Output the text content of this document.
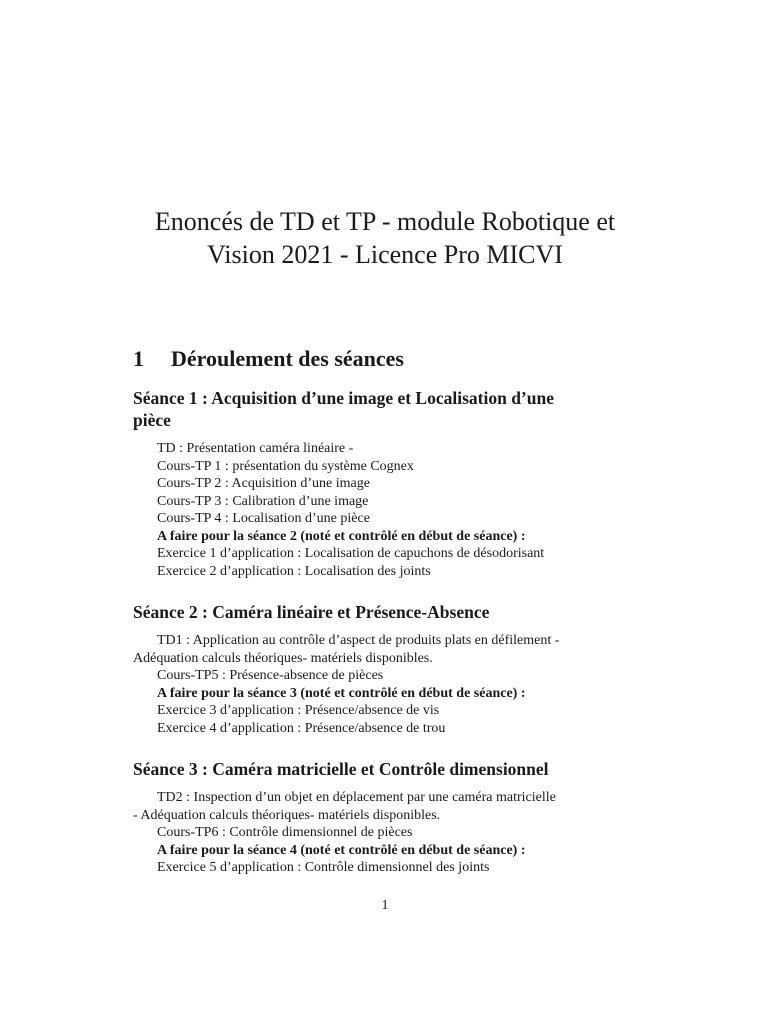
Enoncés de TD et TP - module Robotique et
Vision 2021 - Licence Pro MICVI
1 Déroulement des séances
Séance 1 : Acquisition d’une image et Localisation d’une
pièce
TD : Présentation caméra linéaire -
Cours-TP 1 : présentation du système Cognex
Cours-TP 2 : Acquisition d’une image
Cours-TP 3 : Calibration d’une image
Cours-TP 4 : Localisation d’une pièce
A faire pour la séance 2 (noté et contrôlé en début de séance) :
Exercice 1 d’application : Localisation de capuchons de désodorisant
Exercice 2 d’application : Localisation des joints
Séance 2 : Caméra linéaire et Présence-Absence
TD1 : Application au contrôle d’aspect de produits plats en défilement -
Adéquation calculs théoriques- matériels disponibles.
Cours-TP5 : Présence-absence de pièces
A faire pour la séance 3 (noté et contrôlé en début de séance) :
Exercice 3 d’application : Présence/absence de vis
Exercice 4 d’application : Présence/absence de trou
Séance 3 : Caméra matricielle et Contrôle dimensionnel
TD2 : Inspection d’un objet en déplacement par une caméra matricielle
- Adéquation calculs théoriques- matériels disponibles.
Cours-TP6 : Contrôle dimensionnel de pièces
A faire pour la séance 4 (noté et contrôlé en début de séance) :
Exercice 5 d’application : Contrôle dimensionnel des joints
1
